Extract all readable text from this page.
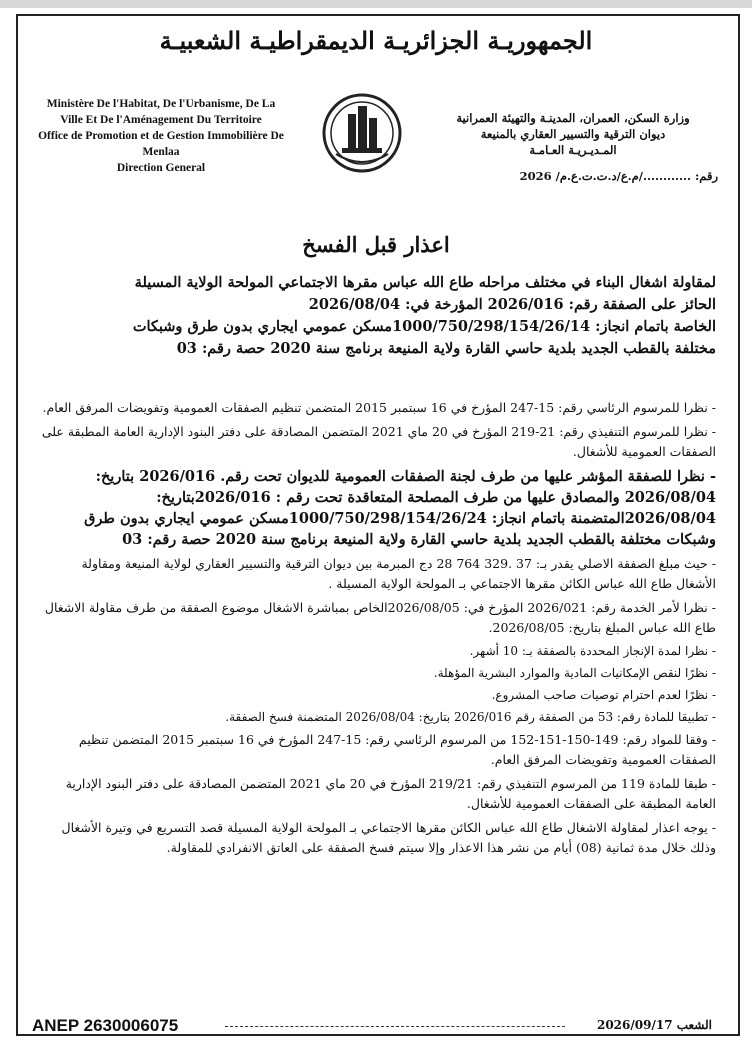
الجمهوريـة الجزائريـة الديمقراطيـة الشعبيـة
Ministère De l'Habitat, De l'Urbanisme, De La
Ville Et De l'Aménagement Du Territoire
Office de Promotion et de Gestion Immobilière De
Menlaa
Direction General
وزارة السكن، العمران، المدينـة والتهيئة العمرانية
ديوان الترقية والتسيير العقاري بالمنيعة
المـديـريـة العـامـة
رقم: ............/م.ع/د.ت.ت.ع.م/ 2026
اعذار قبل الفسخ
لمقاولة اشغال البناء في مختلف مراحله طاع الله عباس مقرها الاجتماعي المولحة الولاية المسيلة
الحائز على الصفقة رقم: 2026/016 المؤرخة في: 2026/08/04
الخاصة باتمام انجاز: 1000/750/298/154/26/14مسكن عمومي ايجاري بدون طرق وشبكات
مختلفة بالقطب الجديد بلدية حاسي القارة ولاية المنيعة برنامج سنة 2020 حصة رقم: 03

- نظرا للمرسوم الرئاسي رقم: 15-247 المؤرخ في 16 سبتمبر 2015 المتضمن تنظيم الصفقات العمومية وتفويضات المرفق العام.

- نظرا للمرسوم التنفيذي رقم: 21-219 المؤرخ في 20 ماي 2021 المتضمن المصادقة على دفتر البنود الإدارية العامة المطبقة على الصفقات العمومية للأشغال.

- نظرا للصفقة المؤشر عليها من طرف لجنة الصفقات العمومية للديوان تحت رقم. 2026/016 بتاريخ: 2026/08/04 والمصادق عليها من طرف المصلحة المتعاقدة تحت رقم : 2026/016بتاريخ: 2026/08/04المتضمنة باتمام انجاز: 1000/750/298/154/26/24مسكن عمومي ايجاري بدون طرق وشبكات مختلفة بالقطب الجديد بلدية حاسي القارة ولاية المنيعة برنامج سنة 2020 حصة رقم: 03

- حيث مبلغ الصفقة الاصلي يقدر بـ: 37 .329 764 28 دج المبرمة بين ديوان الترقية والتسيير العقاري لولاية المنيعة ومقاولة الأشغال طاع الله عباس الكائن مقرها الاجتماعي بـ المولحة الولاية المسيلة .

- نظرا لأمر الخدمة رقم: 2026/021 المؤرخ في: 2026/08/05الخاص بمباشرة الاشغال موضوع الصفقة من طرف مقاولة الاشغال طاع الله عباس المبلغ بتاريخ: 2026/08/05.

- نظرا لمدة الإنجاز المحددة بالصفقة بـ: 10 أشهر.

- نظرًا لنقص الإمكانيات المادية والموارد البشرية المؤهلة.

- نظرًا لعدم احترام توصيات صاحب المشروع.

- تطبيقا للمادة رقم: 53 من الصفقة رقم 2026/016 بتاريخ: 2026/08/04 المتضمنة فسخ الصفقة.

- وفقا للمواد رقم: 149-150-151-152 من المرسوم الرئاسي رقم: 15-247 المؤرخ في 16 سبتمبر 2015 المتضمن تنظيم الصفقات العمومية وتفويضات المرفق العام.

- طبقا للمادة 119 من المرسوم التنفيذي رقم: 219/21 المؤرخ في 20 ماي 2021 المتضمن المصادقة على دفتر البنود الإدارية العامة المطبقة على الصفقات العمومية للأشغال.

- يوجه اعذار لمقاولة الاشغال طاع الله عباس الكائن مقرها الاجتماعي بـ المولحة الولاية المسيلة قصد التسريع في وتيرة الأشغال وذلك خلال مدة ثمانية (08) أيام من نشر هذا الاعذار وإلا سيتم فسخ الصفقة على العاتق الانفرادي للمقاولة.

ANEP 2630006075	الشعب 2026/09/17
